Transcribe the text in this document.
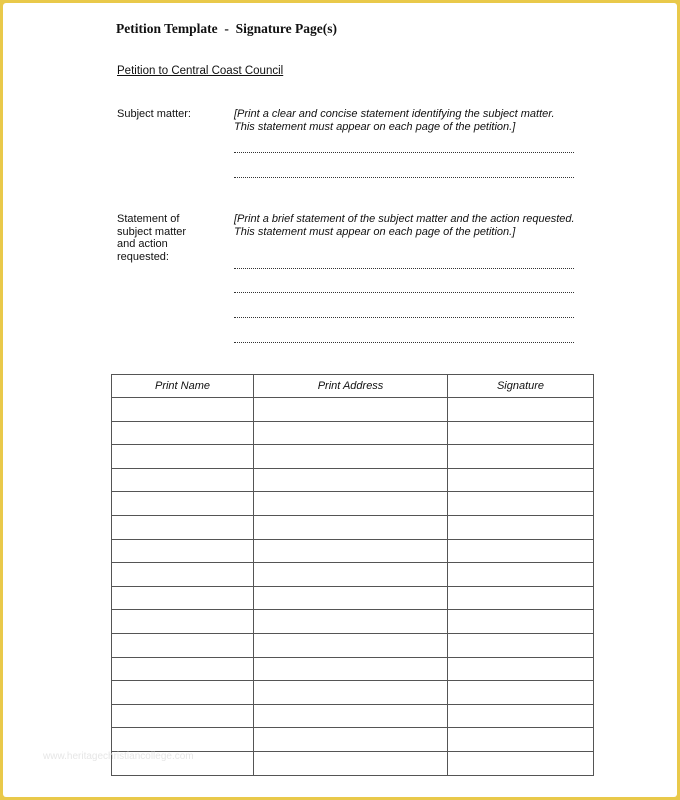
Petition Template  -  Signature Page(s)
Petition to Central Coast Council
Subject matter:	[Print a clear and concise statement identifying the subject matter.
This statement must appear on each page of the petition.]
Statement of
subject matter
and action
requested:
[Print a brief statement of the subject matter and the action requested.
This statement must appear on each page of the petition.]
Print Name	Print Address	Signature

www.heritagechristiancollege.com
